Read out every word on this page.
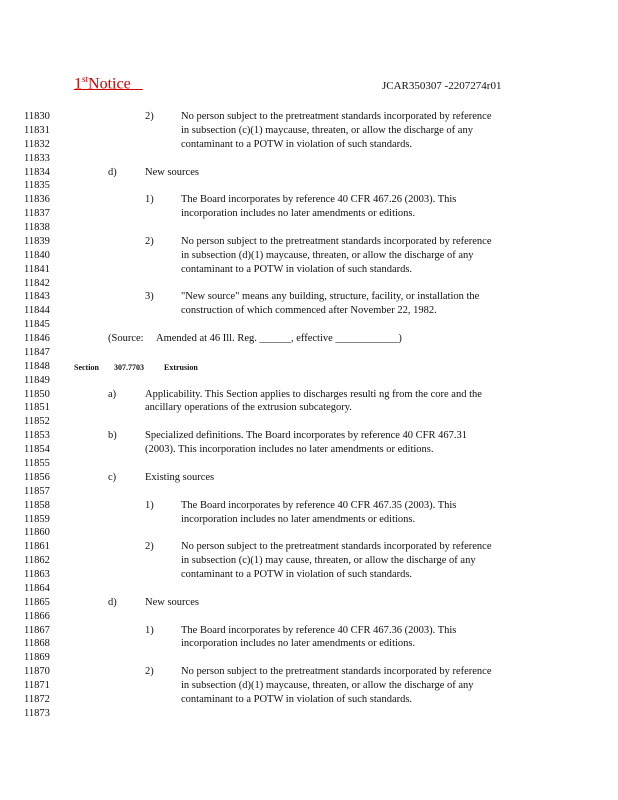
1stNotice	JCAR350307 -2207274r01
11830
11831
11832
11833
11834
11835
11836
11837
11838
11839
11840
11841
11842
11843
11844
11845
11846
11847
11848
11849
11850
11851
11852
11853
11854
11855
11856
11857
11858
11859
11860
11861
11862
11863
11864
11865
11866
11867
11868
11869
11870
11871
11872
11873
2)	No person subject to the pretreatment standards incorporated by reference
in subsection (c)(1) maycause, threaten, or allow the discharge of any
contaminant to a POTW in violation of such standards.
d)	New sources
1)	The Board incorporates by reference 40 CFR 467.26 (2003). This
incorporation includes no later amendments or editions.
2)	No person subject to the pretreatment standards incorporated by reference
in subsection (d)(1) maycause, threaten, or allow the discharge of any
contaminant to a POTW in violation of such standards.
3)	"New source" means any building, structure, facility, or installation the
construction of which commenced after November 22, 1982.
(Source: Amended at 46 Ill. Reg. ______, effective ____________)
Section 307.7703	Extrusion
a)	Applicability. This Section applies to discharges resulti ng from the core and the
ancillary operations of the extrusion subcategory.
b)	Specialized definitions. The Board incorporates by reference 40 CFR 467.31
(2003). This incorporation includes no later amendments or editions.
c)	Existing sources
1)	The Board incorporates by reference 40 CFR 467.35 (2003). This
incorporation includes no later amendments or editions.
2)	No person subject to the pretreatment standards incorporated by reference
in subsection (c)(1) may cause, threaten, or allow the discharge of any
contaminant to a POTW in violation of such standards.
d)	New sources
1)	The Board incorporates by reference 40 CFR 467.36 (2003). This
incorporation includes no later amendments or editions.
2)	No person subject to the pretreatment standards incorporated by reference
in subsection (d)(1) maycause, threaten, or allow the discharge of any
contaminant to a POTW in violation of such standards.
